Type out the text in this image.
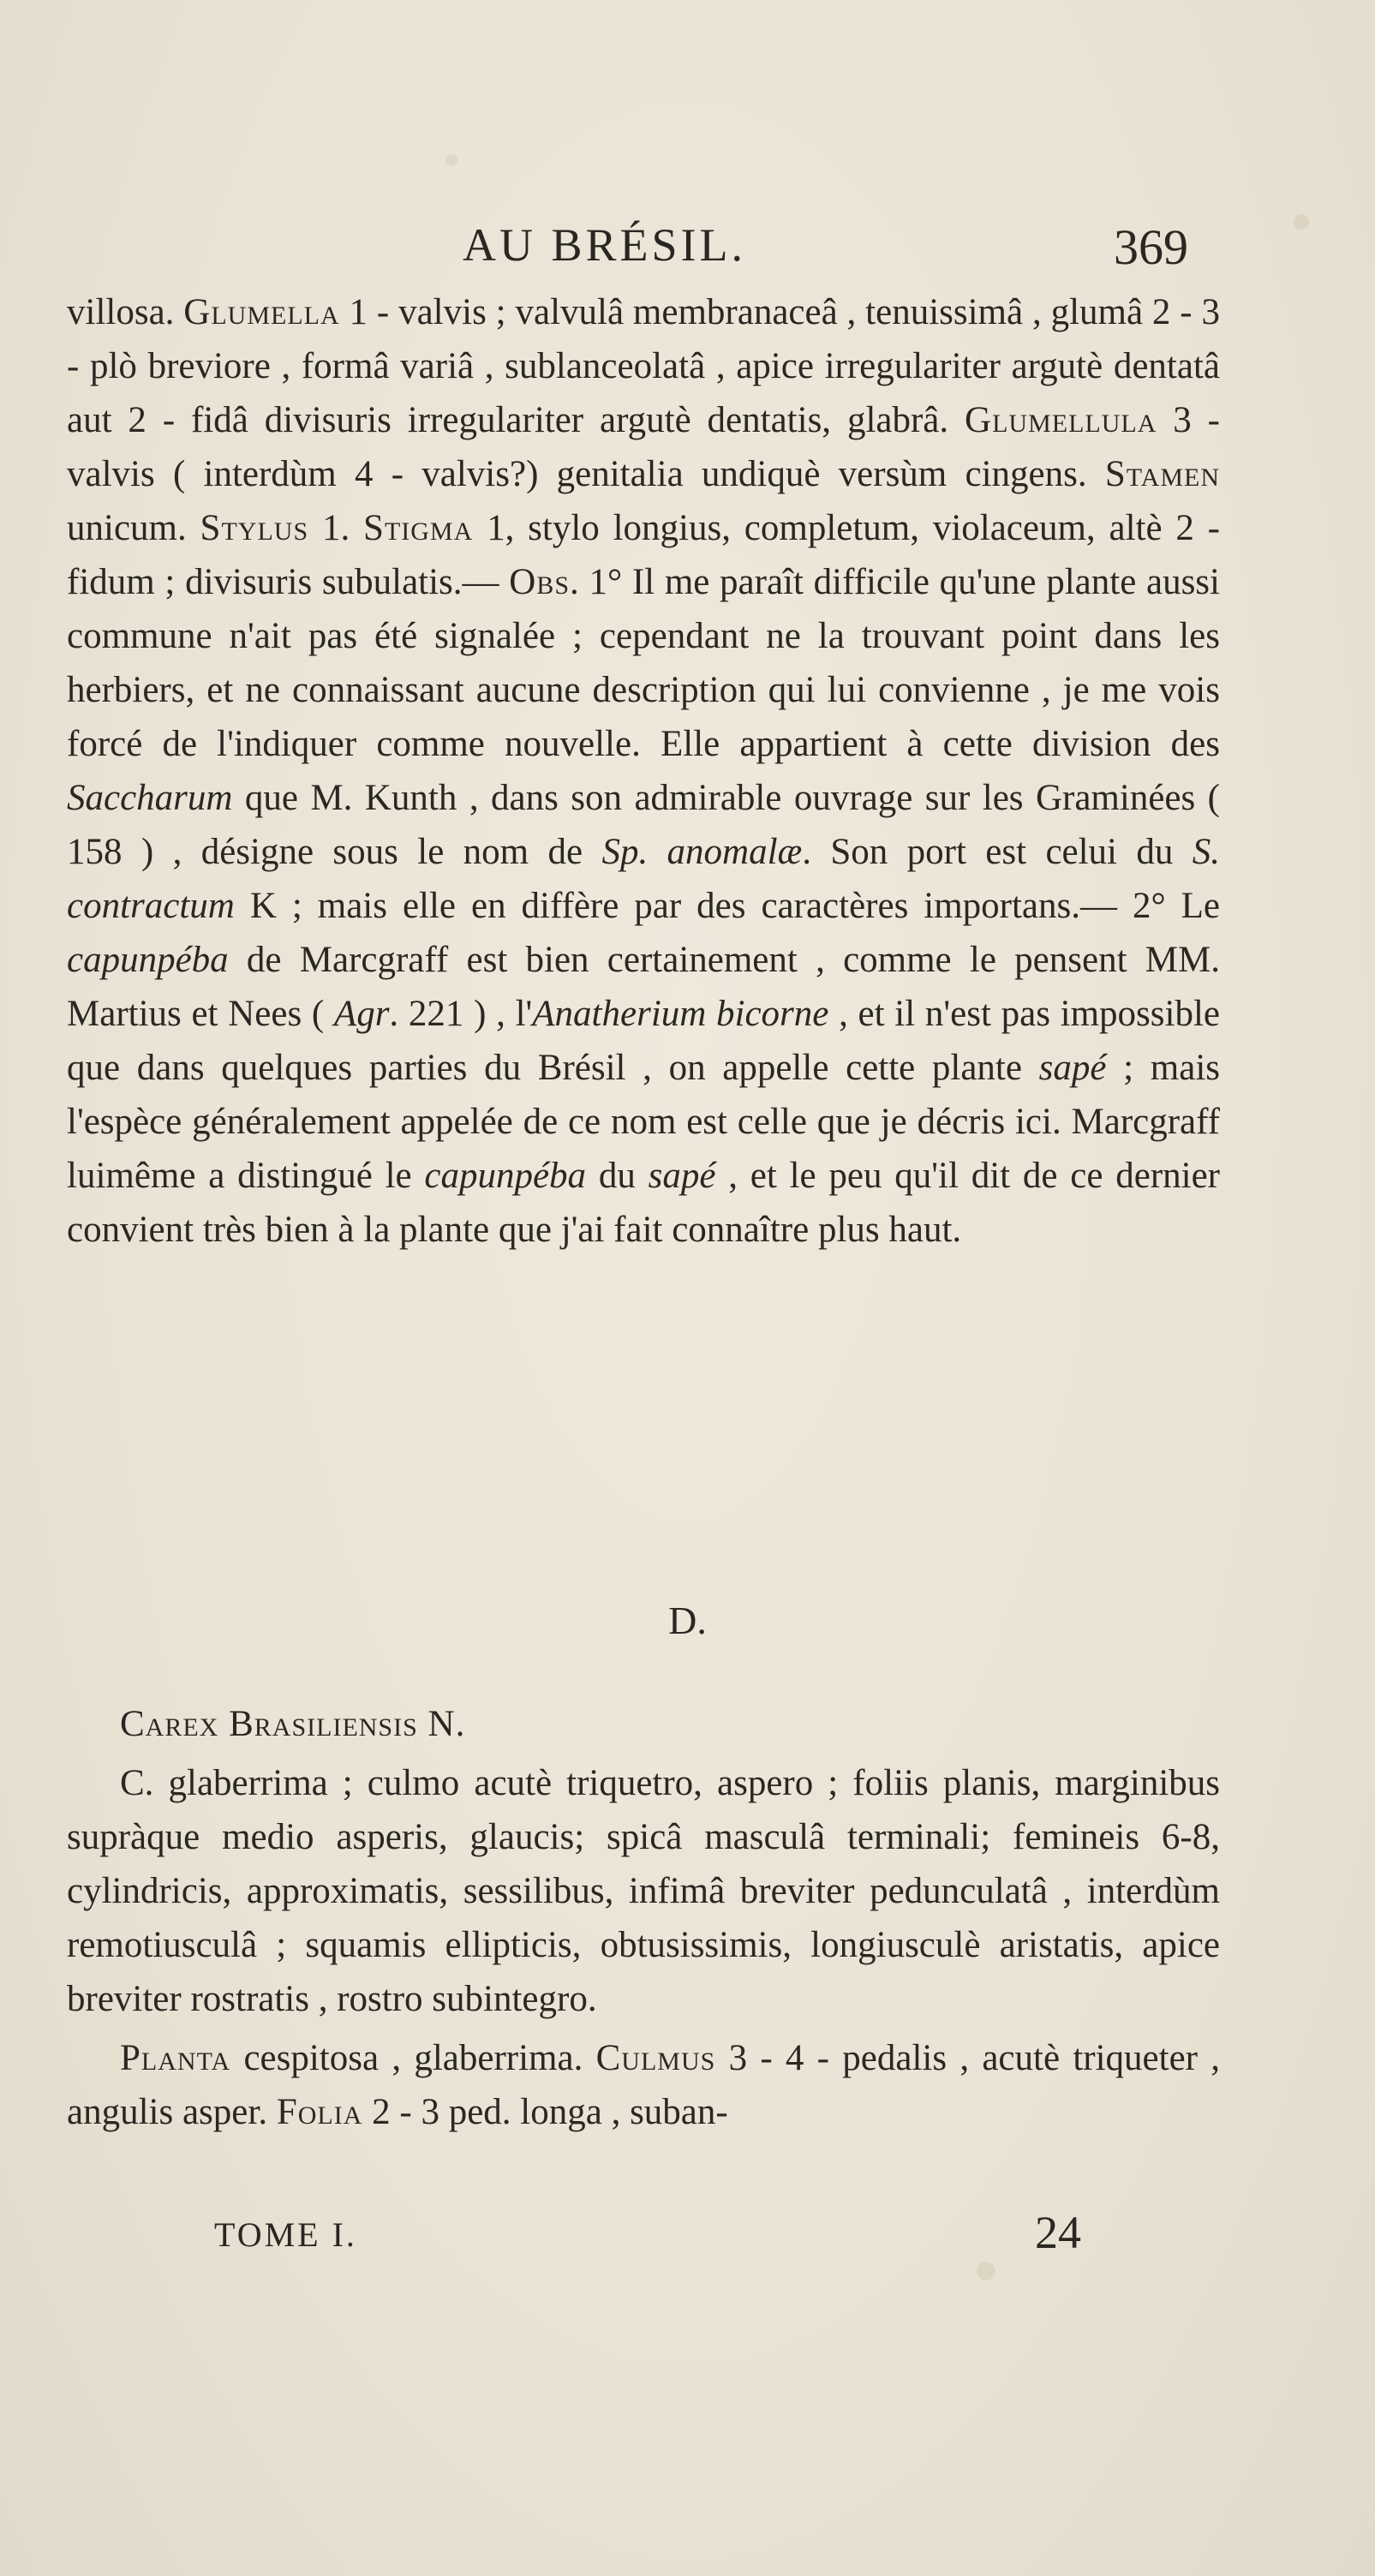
AU BRÉSIL.	369

villosa. Glumella 1 - valvis ; valvulâ membranaceâ , tenuissimâ , glumâ 2 - 3 - plò breviore , formâ variâ , sublanceolatâ , apice irregulariter argutè dentatâ aut 2 - fidâ divisuris irregulariter argutè dentatis, glabrâ. Glumellula 3 - valvis ( interdùm 4 - valvis?) genitalia undiquè versùm cingens. Stamen unicum. Stylus 1. Stigma 1, stylo longius, completum, violaceum, altè 2 - fidum ; divisuris subulatis.— Obs. 1° Il me paraît difficile qu'une plante aussi commune n'ait pas été signalée ; cependant ne la trouvant point dans les herbiers, et ne connaissant aucune description qui lui convienne , je me vois forcé de l'indiquer comme nouvelle. Elle appartient à cette division des Saccharum que M. Kunth , dans son admirable ouvrage sur les Graminées ( 158 ) , désigne sous le nom de Sp. anomalæ. Son port est celui du S. contractum K ; mais elle en diffère par des caractères importans.— 2° Le capunpéba de Marcgraff est bien certainement , comme le pensent MM. Martius et Nees ( Agr. 221 ) , l'Anatherium bicorne , et il n'est pas impossible que dans quelques parties du Brésil , on appelle cette plante sapé ; mais l'espèce généralement appelée de ce nom est celle que je décris ici. Marcgraff luimême a distingué le capunpéba du sapé , et le peu qu'il dit de ce dernier convient très bien à la plante que j'ai fait connaître plus haut.

D.
Carex Brasiliensis N.

C. glaberrima ; culmo acutè triquetro, aspero ; foliis planis, marginibus supràque medio asperis, glaucis; spicâ masculâ terminali; femineis 6-8, cylindricis, approximatis, sessilibus, infimâ breviter pedunculatâ , interdùm remotiusculâ ; squamis ellipticis, obtusissimis, longiusculè aristatis, apice breviter rostratis , rostro subintegro.

Planta cespitosa , glaberrima. Culmus 3 - 4 - pedalis , acutè triqueter , angulis asper. Folia 2 - 3 ped. longa , suban-

TOME I.	24
